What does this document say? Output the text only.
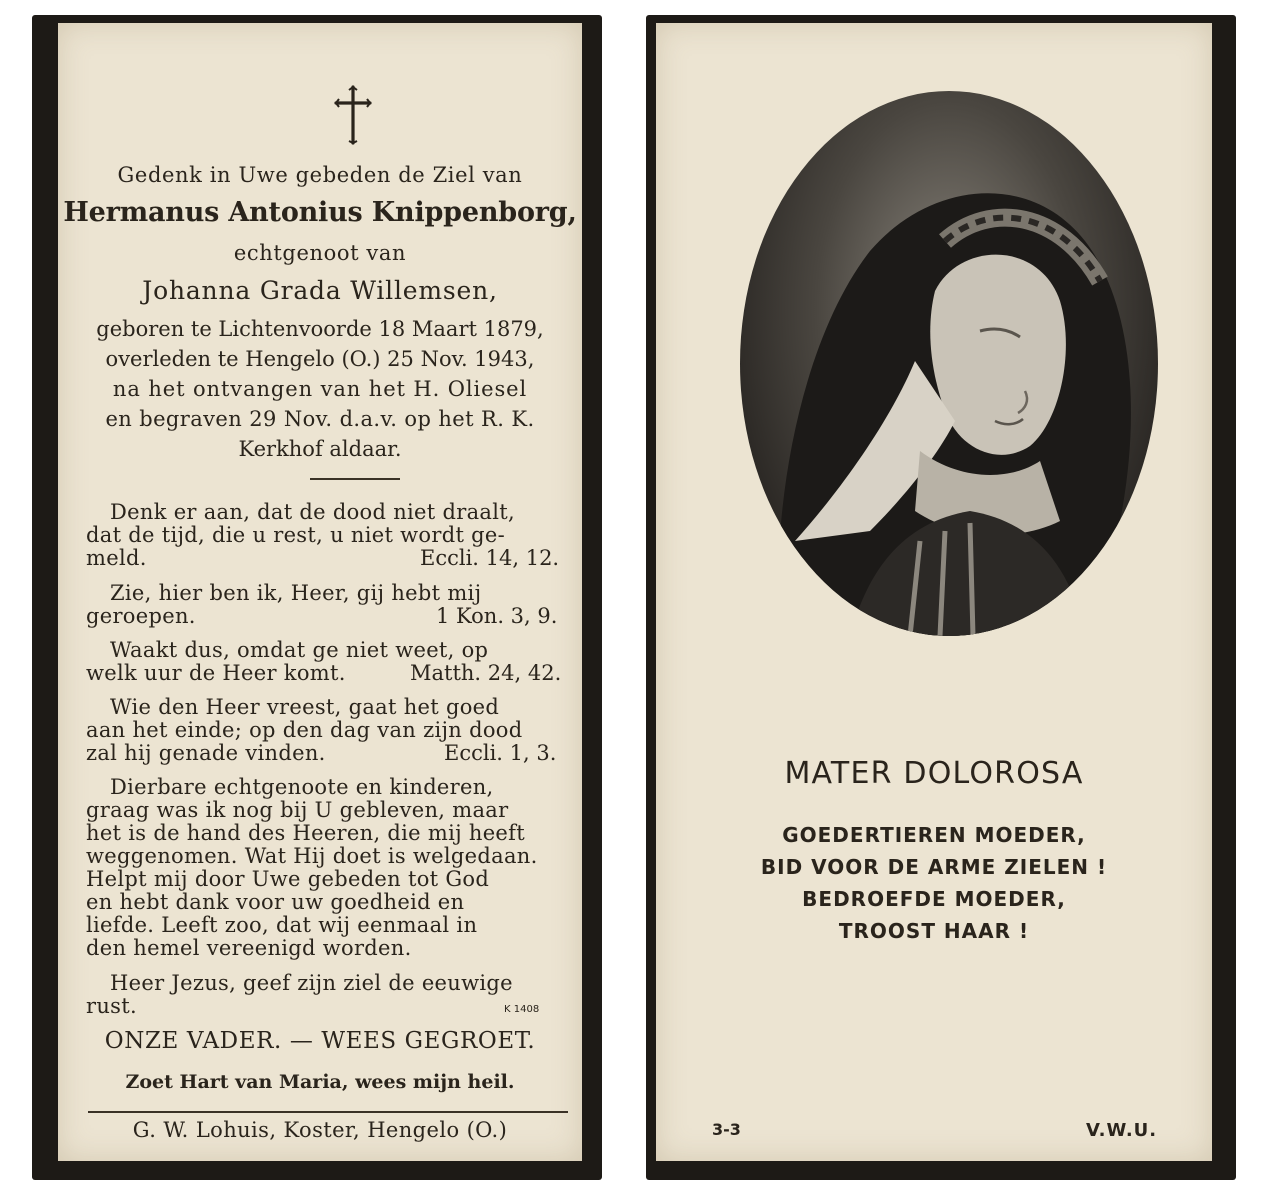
Gedenk in Uwe gebeden de Ziel van
Hermanus Antonius Knippenborg,
echtgenoot van
Johanna Grada Willemsen,
geboren te Lichtenvoorde 18 Maart 1879,
overleden te Hengelo (O.) 25 Nov. 1943,
na het ontvangen van het H. Oliesel
en begraven 29 Nov. d.a.v. op het R. K.
Kerkhof aldaar.
Denk er aan, dat de dood niet draalt,
dat de tijd, die u rest, u niet wordt ge-
meld.	Eccli. 14, 12.
Zie, hier ben ik, Heer, gij hebt mij
geroepen.	1 Kon. 3, 9.
Waakt dus, omdat ge niet weet, op
welk uur de Heer komt.	Matth. 24, 42.
Wie den Heer vreest, gaat het goed
aan het einde; op den dag van zijn dood
zal hij genade vinden.	Eccli. 1, 3.
Dierbare echtgenoote en kinderen,
graag was ik nog bij U gebleven, maar
het is de hand des Heeren, die mij heeft
weggenomen. Wat Hij doet is welgedaan.
Helpt mij door Uwe gebeden tot God
en hebt dank voor uw goedheid en
liefde. Leeft zoo, dat wij eenmaal in
den hemel vereenigd worden.
Heer Jezus, geef zijn ziel de eeuwige
rust.	K 1408
ONZE VADER. — WEES GEGROET.
Zoet Hart van Maria, wees mijn heil.
G. W. Lohuis, Koster, Hengelo (O.)
MATER DOLOROSA
GOEDERTIEREN MOEDER,
BID VOOR DE ARME ZIELEN !
BEDROEFDE MOEDER,
TROOST HAAR !
3-3	V.W.U.
